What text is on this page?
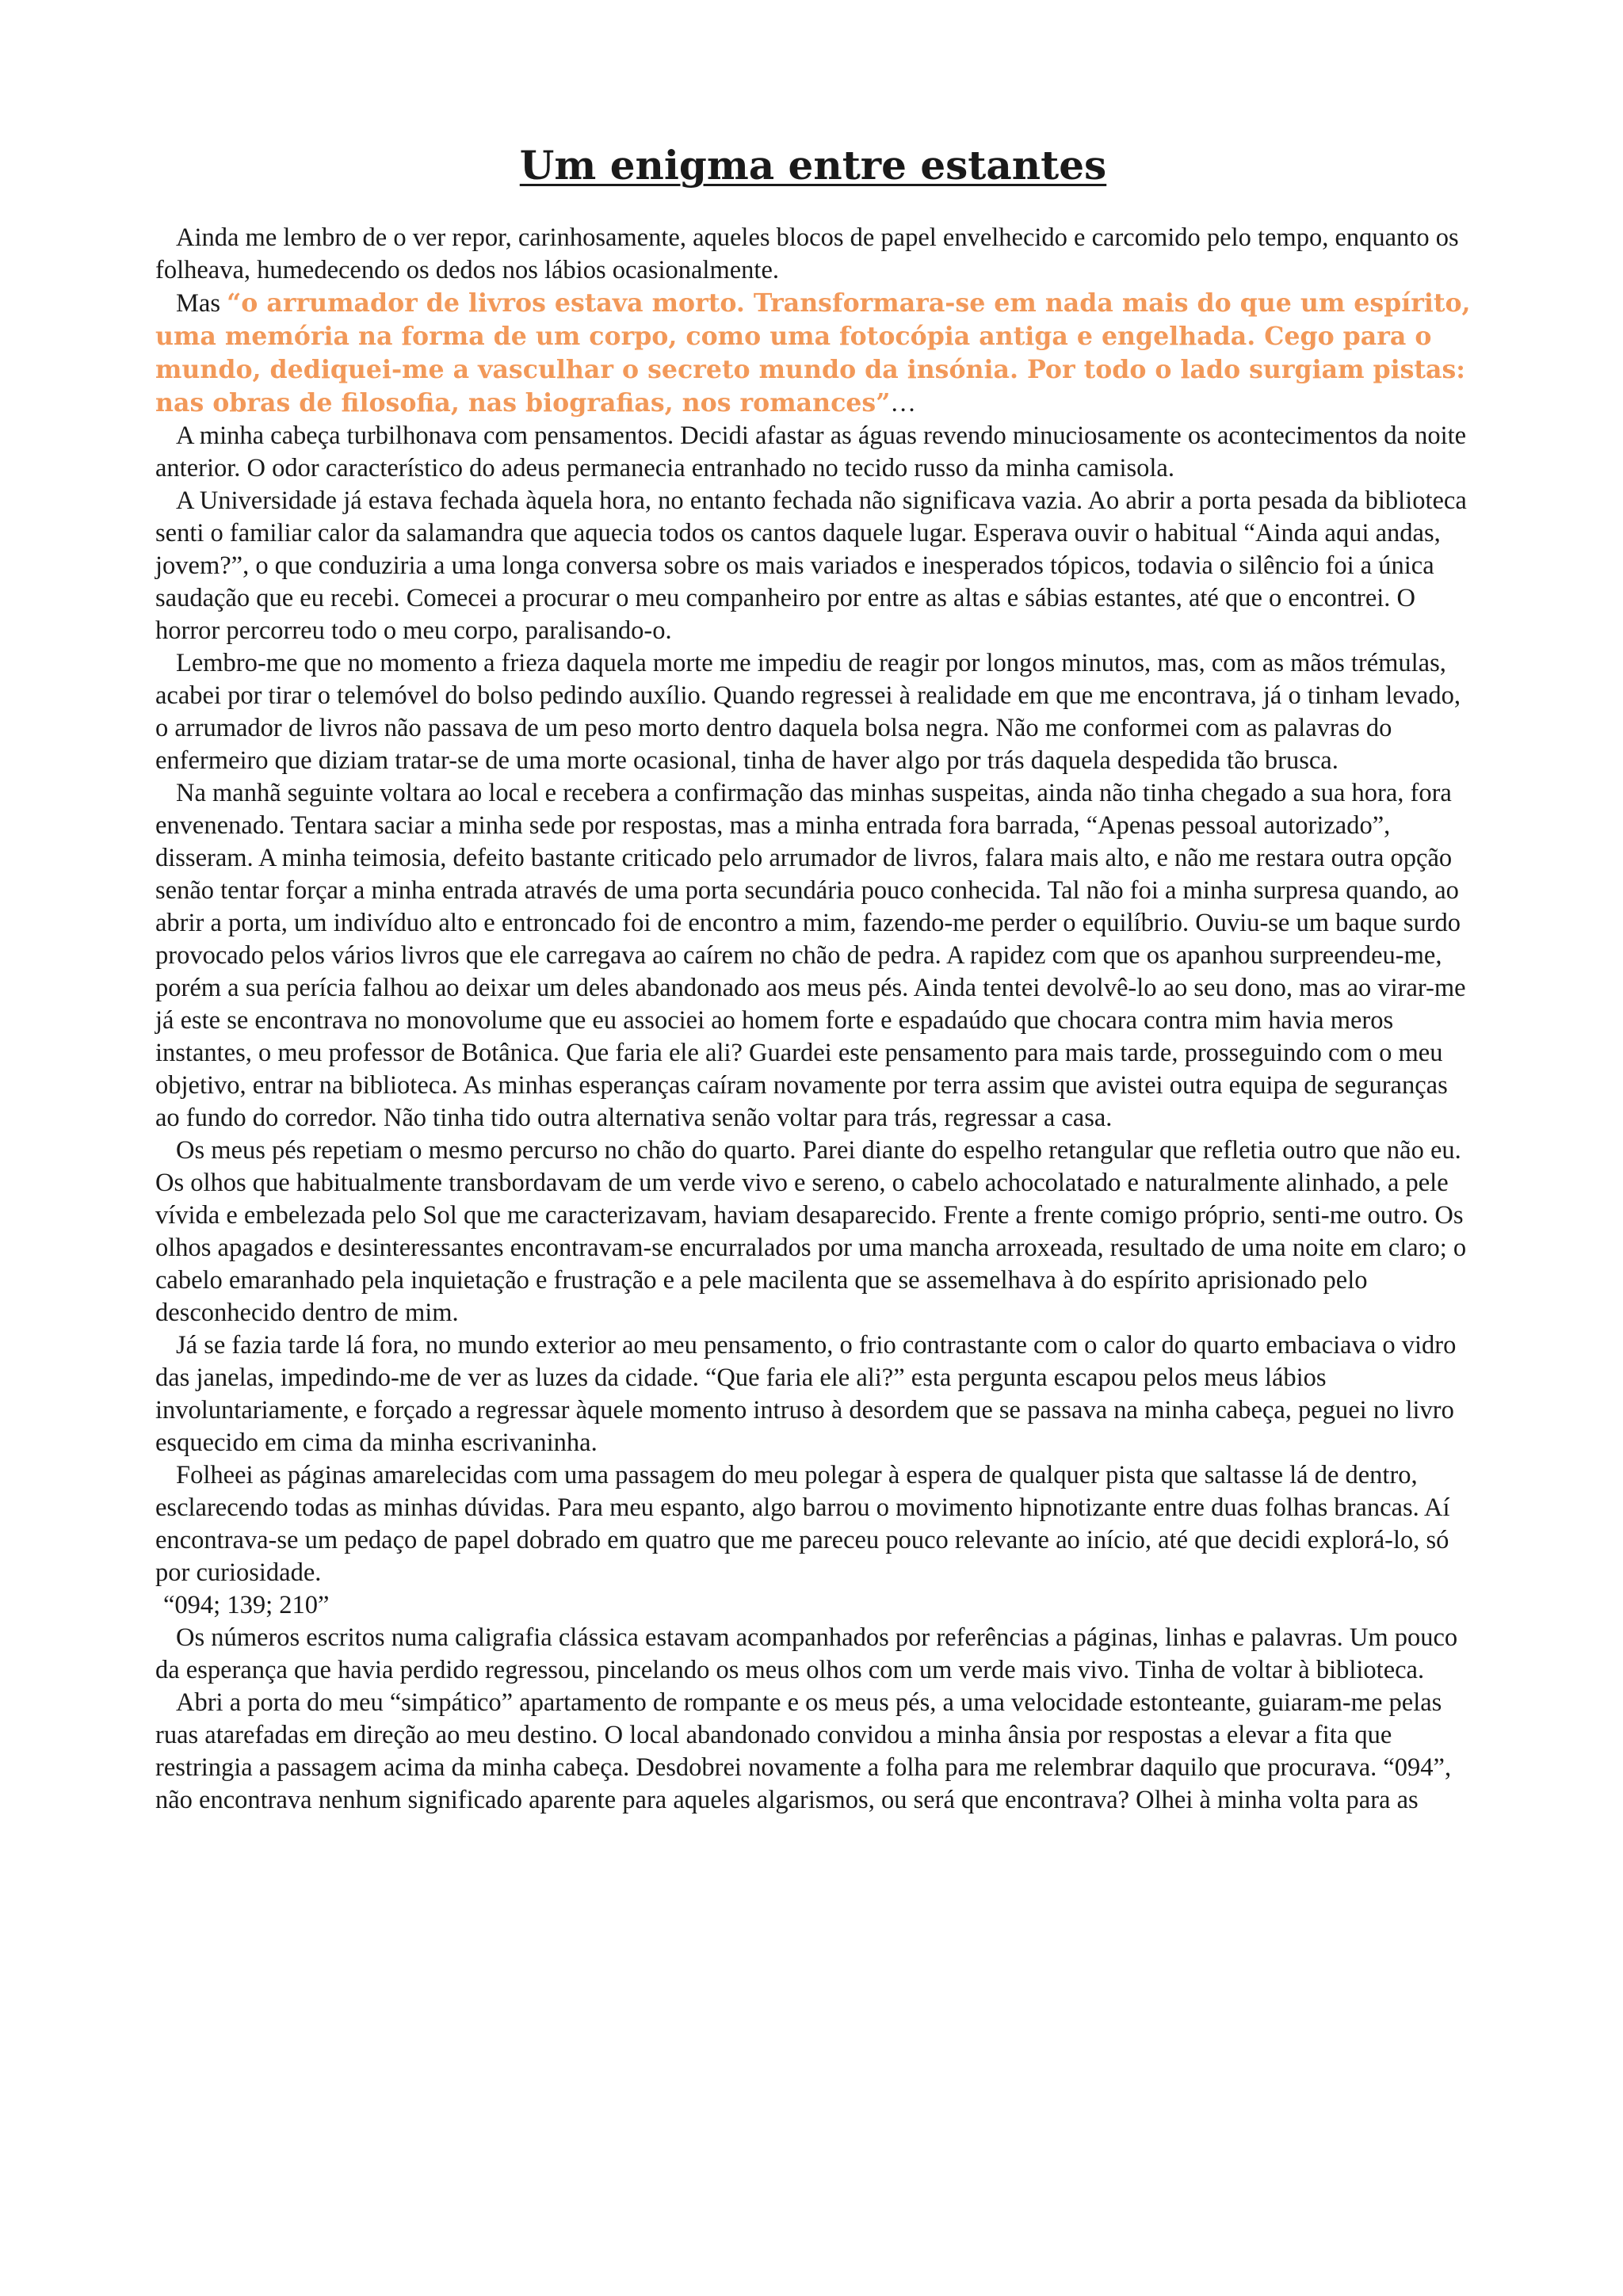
Um enigma entre estantes

Ainda me lembro de o ver repor, carinhosamente, aqueles blocos de papel envelhecido e carcomido pelo tempo, enquanto os folheava, humedecendo os dedos nos lábios ocasionalmente.

Mas “o arrumador de livros estava morto. Transformara-se em nada mais do que um espírito, uma memória na forma de um corpo, como uma fotocópia antiga e engelhada. Cego para o mundo, dediquei-me a vasculhar o secreto mundo da insónia. Por todo o lado surgiam pistas: nas obras de filosofia, nas biografias, nos romances”…

A minha cabeça turbilhonava com pensamentos. Decidi afastar as águas revendo minuciosamente os acontecimentos da noite anterior. O odor característico do adeus permanecia entranhado no tecido russo da minha camisola.

A Universidade já estava fechada àquela hora, no entanto fechada não significava vazia. Ao abrir a porta pesada da biblioteca senti o familiar calor da salamandra que aquecia todos os cantos daquele lugar. Esperava ouvir o habitual “Ainda aqui andas, jovem?”, o que conduziria a uma longa conversa sobre os mais variados e inesperados tópicos, todavia o silêncio foi a única saudação que eu recebi. Comecei a procurar o meu companheiro por entre as altas e sábias estantes, até que o encontrei. O horror percorreu todo o meu corpo, paralisando-o.

Lembro-me que no momento a frieza daquela morte me impediu de reagir por longos minutos, mas, com as mãos trémulas, acabei por tirar o telemóvel do bolso pedindo auxílio. Quando regressei à realidade em que me encontrava, já o tinham levado, o arrumador de livros não passava de um peso morto dentro daquela bolsa negra. Não me conformei com as palavras do enfermeiro que diziam tratar-se de uma morte ocasional, tinha de haver algo por trás daquela despedida tão brusca.

Na manhã seguinte voltara ao local e recebera a confirmação das minhas suspeitas, ainda não tinha chegado a sua hora, fora envenenado. Tentara saciar a minha sede por respostas, mas a minha entrada fora barrada, “Apenas pessoal autorizado”, disseram. A minha teimosia, defeito bastante criticado pelo arrumador de livros, falara mais alto, e não me restara outra opção senão tentar forçar a minha entrada através de uma porta secundária pouco conhecida. Tal não foi a minha surpresa quando, ao abrir a porta, um indivíduo alto e entroncado foi de encontro a mim, fazendo-me perder o equilíbrio. Ouviu-se um baque surdo provocado pelos vários livros que ele carregava ao caírem no chão de pedra. A rapidez com que os apanhou surpreendeu-me, porém a sua perícia falhou ao deixar um deles abandonado aos meus pés. Ainda tentei devolvê-lo ao seu dono, mas ao virar-me já este se encontrava no monovolume que eu associei ao homem forte e espadaúdo que chocara contra mim havia meros instantes, o meu professor de Botânica. Que faria ele ali? Guardei este pensamento para mais tarde, prosseguindo com o meu objetivo, entrar na biblioteca. As minhas esperanças caíram novamente por terra assim que avistei outra equipa de seguranças ao fundo do corredor. Não tinha tido outra alternativa senão voltar para trás, regressar a casa.

Os meus pés repetiam o mesmo percurso no chão do quarto. Parei diante do espelho retangular que refletia outro que não eu. Os olhos que habitualmente transbordavam de um verde vivo e sereno, o cabelo achocolatado e naturalmente alinhado, a pele vívida e embelezada pelo Sol que me caracterizavam, haviam desaparecido. Frente a frente comigo próprio, senti-me outro. Os olhos apagados e desinteressantes encontravam-se encurralados por uma mancha arroxeada, resultado de uma noite em claro; o cabelo emaranhado pela inquietação e frustração e a pele macilenta que se assemelhava à do espírito aprisionado pelo desconhecido dentro de mim.

Já se fazia tarde lá fora, no mundo exterior ao meu pensamento, o frio contrastante com o calor do quarto embaciava o vidro das janelas, impedindo-me de ver as luzes da cidade. “Que faria ele ali?” esta pergunta escapou pelos meus lábios involuntariamente, e forçado a regressar àquele momento intruso à desordem que se passava na minha cabeça, peguei no livro esquecido em cima da minha escrivaninha.

Folheei as páginas amarelecidas com uma passagem do meu polegar à espera de qualquer pista que saltasse lá de dentro, esclarecendo todas as minhas dúvidas. Para meu espanto, algo barrou o movimento hipnotizante entre duas folhas brancas. Aí encontrava-se um pedaço de papel dobrado em quatro que me pareceu pouco relevante ao início, até que decidi explorá-lo, só por curiosidade.

“094; 139; 210”

Os números escritos numa caligrafia clássica estavam acompanhados por referências a páginas, linhas e palavras. Um pouco da esperança que havia perdido regressou, pincelando os meus olhos com um verde mais vivo. Tinha de voltar à biblioteca.

Abri a porta do meu “simpático” apartamento de rompante e os meus pés, a uma velocidade estonteante, guiaram-me pelas ruas atarefadas em direção ao meu destino. O local abandonado convidou a minha ânsia por respostas a elevar a fita que restringia a passagem acima da minha cabeça. Desdobrei novamente a folha para me relembrar daquilo que procurava. “094”, não encontrava nenhum significado aparente para aqueles algarismos, ou será que encontrava? Olhei à minha volta para as
